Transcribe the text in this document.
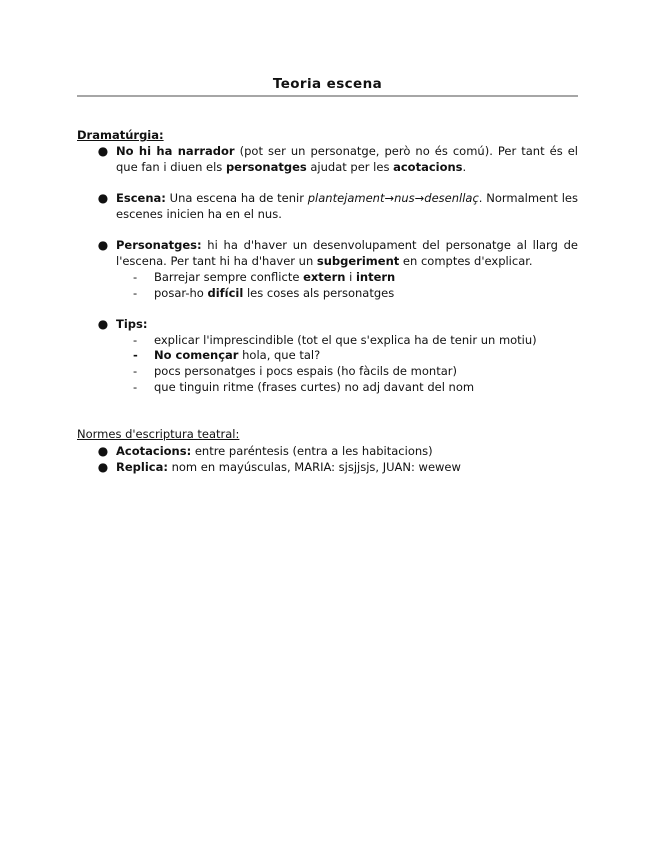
Teoria escena
Dramatúrgia:
● No hi ha narrador (pot ser un personatge, però no és comú). Per tant és el que fan i diuen els personatges ajudat per les acotacions.
● Escena: Una escena ha de tenir plantejament→nus→desenllaç. Normalment les escenes inicien ha en el nus.
● Personatges: hi ha d'haver un desenvolupament del personatge al llarg de l'escena. Per tant hi ha d'haver un subgeriment en comptes d'explicar.
-	Barrejar sempre conflicte extern i intern
-	posar-ho difícil les coses als personatges
● Tips:
-	explicar l'imprescindible (tot el que s'explica ha de tenir un motiu)
-	No començar hola, que tal?
-	pocs personatges i pocs espais (ho fàcils de montar)
-	que tinguin ritme (frases curtes) no adj davant del nom
Normes d'escriptura teatral:
● Acotacions: entre paréntesis (entra a les habitacions)
● Replica: nom en mayúsculas, MARIA: sjsjjsjs, JUAN: wewew
